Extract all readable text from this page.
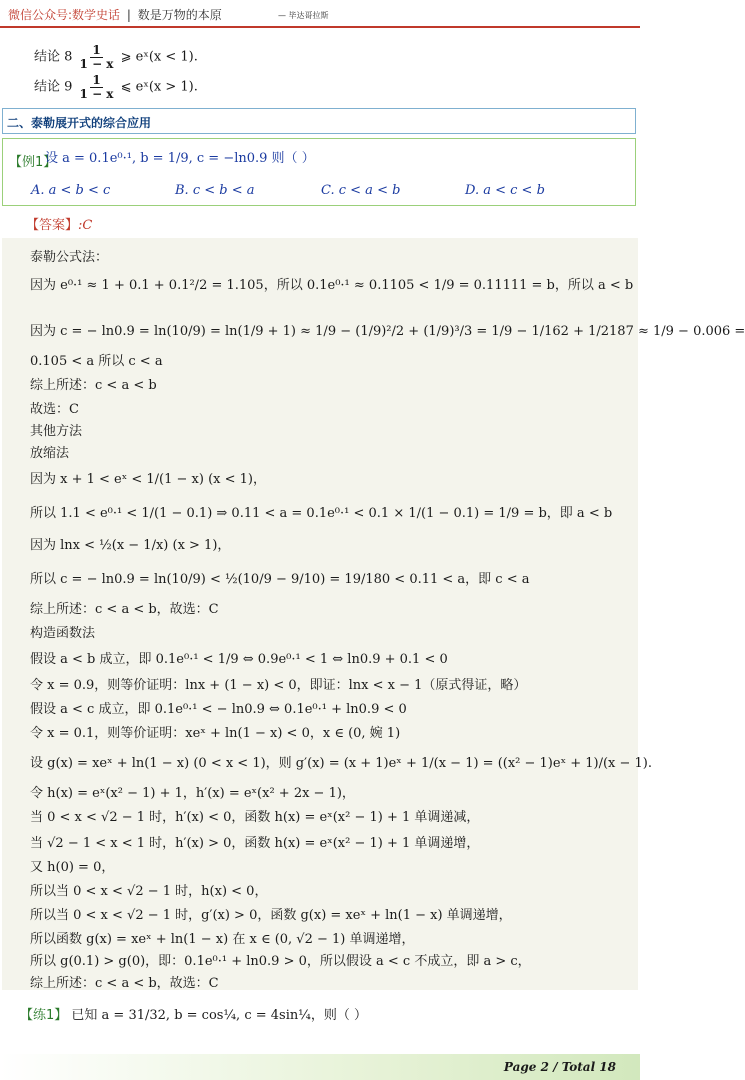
微信公众号:数学史话 | 数是万物的本原	— 毕达哥拉斯
结论 $8 \frac{1}{1 - x}$ ⩾ eˣ(x < 1).
结论 $9 \frac{1}{1 - x}$ ⩽ eˣ(x > 1).
二、泰勒展开式的综合应用
【例1】
设 a = 0.1e⁰·¹, b = 1/9, c = −ln0.9 则（ ）
A. a < b < c	B. c < b < a	C. c < a < b	D. a < c < b
【答案】:C
泰勒公式法：
因为 e⁰·¹ ≈ 1 + 0.1 + 0.1²/2 = 1.105，所以 0.1e⁰·¹ ≈ 0.1105 < 1/9 = 0.11111 = b，所以 a < b
因为 c = − ln0.9 = ln(10/9) = ln(1/9 + 1) ≈ 1/9 − (1/9)²/2 + (1/9)³/3 = 1/9 − 1/162 + 1/2187 ≈ 1/9 − 0.006 =
0.105 < a 所以 c < a
综上所述：c < a < b
故选：C
其他方法
放缩法
因为 x + 1 < eˣ < 1/(1 − x) (x < 1)，
所以 1.1 < e⁰·¹ < 1/(1 − 0.1) ⇒ 0.11 < a = 0.1e⁰·¹ < 0.1 × 1/(1 − 0.1) = 1/9 = b，即 a < b
因为 lnx < ½(x − 1/x) (x > 1)，
所以 c = − ln0.9 = ln(10/9) < ½(10/9 − 9/10) = 19/180 < 0.11 < a，即 c < a
综上所述：c < a < b，故选：C
构造函数法
假设 a < b 成立，即 0.1e⁰·¹ < 1/9 ⇔ 0.9e⁰·¹ < 1 ⇔ ln0.9 + 0.1 < 0
令 x = 0.9，则等价证明：lnx + (1 − x) < 0，即证：lnx < x − 1（原式得证，略）
假设 a < c 成立，即 0.1e⁰·¹ < − ln0.9 ⇔ 0.1e⁰·¹ + ln0.9 < 0
令 x = 0.1，则等价证明：xeˣ + ln(1 − x) < 0，x ∈ (0, 婉 1)
设 g(x) = xeˣ + ln(1 − x) (0 < x < 1)，则 g′(x) = (x + 1)eˣ + 1/(x − 1) = ((x² − 1)eˣ + 1)/(x − 1).
令 h(x) = eˣ(x² − 1) + 1，h′(x) = eˣ(x² + 2x − 1)，
当 0 < x < √2 − 1 时，h′(x) < 0，函数 h(x) = eˣ(x² − 1) + 1 单调递减，
当 √2 − 1 < x < 1 时，h′(x) > 0，函数 h(x) = eˣ(x² − 1) + 1 单调递增，
又 h(0) = 0，
所以当 0 < x < √2 − 1 时，h(x) < 0，
所以当 0 < x < √2 − 1 时，g′(x) > 0，函数 g(x) = xeˣ + ln(1 − x) 单调递增，
所以函数 g(x) = xeˣ + ln(1 − x) 在 x ∈ (0, √2 − 1) 单调递增，
所以 g(0.1) > g(0)，即：0.1e⁰·¹ + ln0.9 > 0，所以假设 a < c 不成立，即 a > c，
综上所述：c < a < b，故选：C
【练1】 已知 a = 31/32, b = cos¼, c = 4sin¼，则（ ）
Page 2 / Total 18
